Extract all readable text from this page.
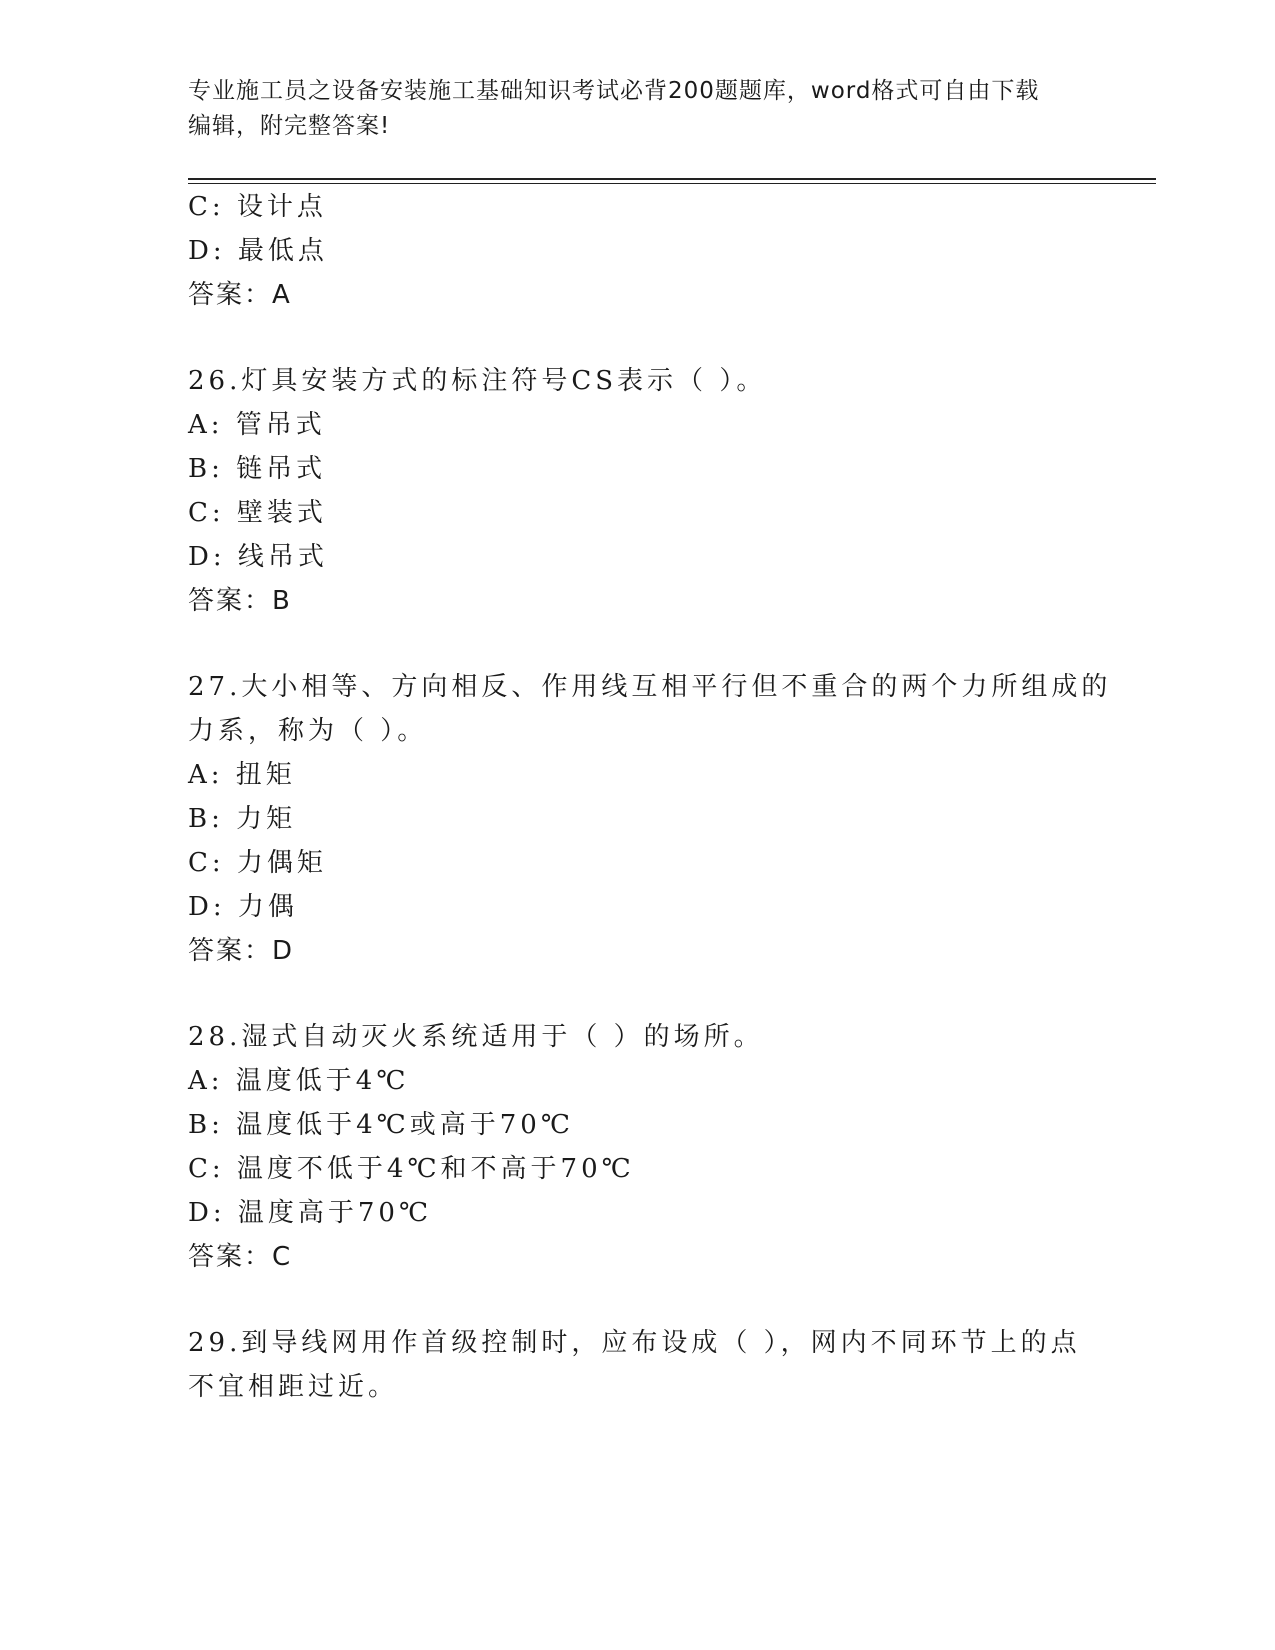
专业施工员之设备安装施工基础知识考试必背200题题库，word格式可自由下载
编辑，附完整答案!
C: 设计点
D: 最低点
答案：A
26.灯具安装方式的标注符号CS表示（ ）。
A: 管吊式
B: 链吊式
C: 壁装式
D: 线吊式
答案：B
27.大小相等、方向相反、作用线互相平行但不重合的两个力所组成的
力系，称为（ ）。
A: 扭矩
B: 力矩
C: 力偶矩
D: 力偶
答案：D
28.湿式自动灭火系统适用于（ ）的场所。
A: 温度低于4℃
B: 温度低于4℃或高于70℃
C: 温度不低于4℃和不高于70℃
D: 温度高于70℃
答案：C
29.到导线网用作首级控制时，应布设成（ ），网内不同环节上的点
不宜相距过近。
